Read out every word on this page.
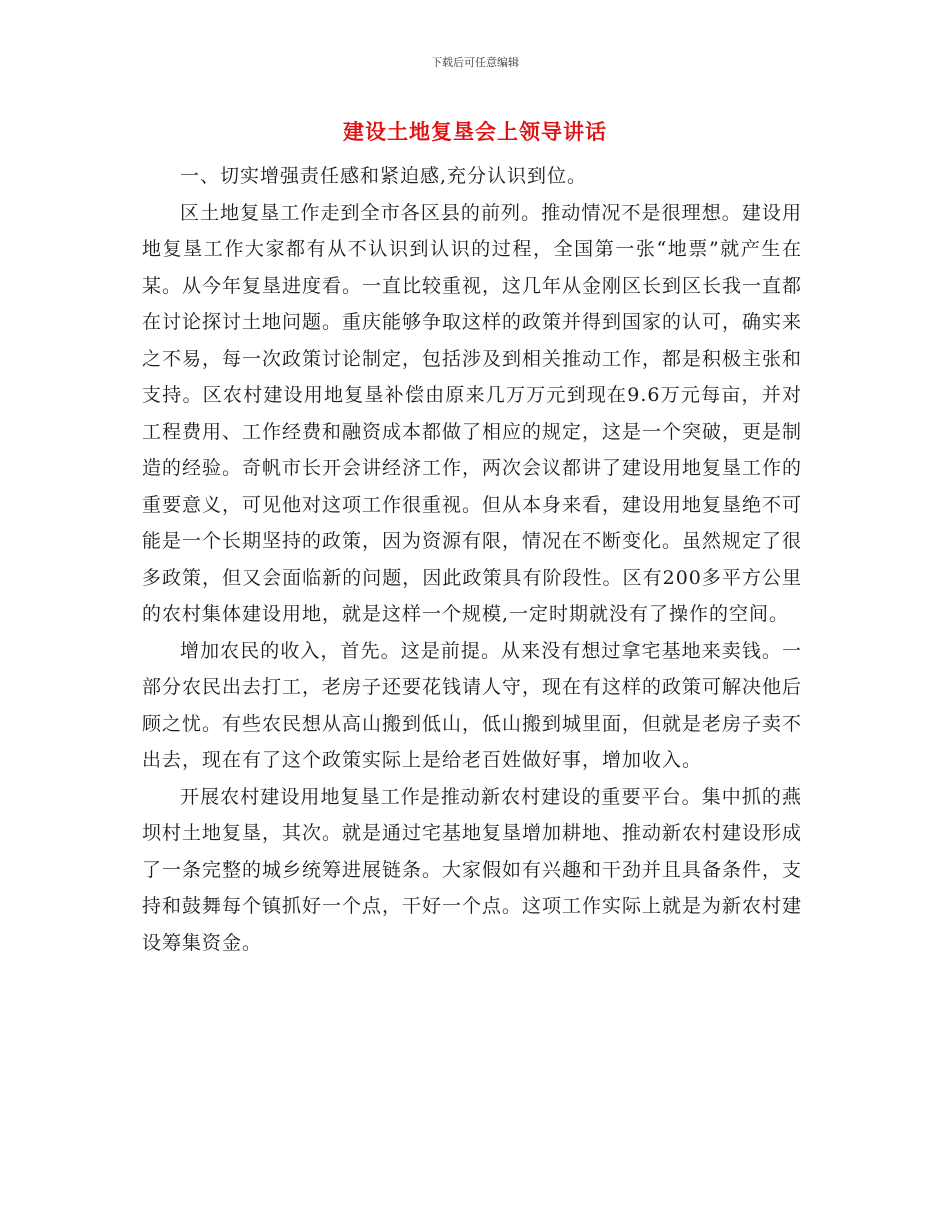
下载后可任意编辑
建设土地复垦会上领导讲话

一、切实增强责任感和紧迫感,充分认识到位。

区土地复垦工作走到全市各区县的前列。推动情况不是很理想。建设用地复垦工作大家都有从不认识到认识的过程，全国第一张“地票”就产生在某。从今年复垦进度看。一直比较重视，这几年从金刚区长到区长我一直都在讨论探讨土地问题。重庆能够争取这样的政策并得到国家的认可，确实来之不易，每一次政策讨论制定，包括涉及到相关推动工作，都是积极主张和支持。区农村建设用地复垦补偿由原来几万万元到现在9.6万元每亩，并对工程费用、工作经费和融资成本都做了相应的规定，这是一个突破，更是制造的经验。奇帆市长开会讲经济工作，两次会议都讲了建设用地复垦工作的重要意义，可见他对这项工作很重视。但从本身来看，建设用地复垦绝不可能是一个长期坚持的政策，因为资源有限，情况在不断变化。虽然规定了很多政策，但又会面临新的问题，因此政策具有阶段性。区有200多平方公里的农村集体建设用地，就是这样一个规模,一定时期就没有了操作的空间。

增加农民的收入，首先。这是前提。从来没有想过拿宅基地来卖钱。一部分农民出去打工，老房子还要花钱请人守，现在有这样的政策可解决他后顾之忧。有些农民想从高山搬到低山，低山搬到城里面，但就是老房子卖不出去，现在有了这个政策实际上是给老百姓做好事，增加收入。

开展农村建设用地复垦工作是推动新农村建设的重要平台。集中抓的燕坝村土地复垦，其次。就是通过宅基地复垦增加耕地、推动新农村建设形成了一条完整的城乡统筹进展链条。大家假如有兴趣和干劲并且具备条件，支持和鼓舞每个镇抓好一个点，干好一个点。这项工作实际上就是为新农村建设筹集资金。
